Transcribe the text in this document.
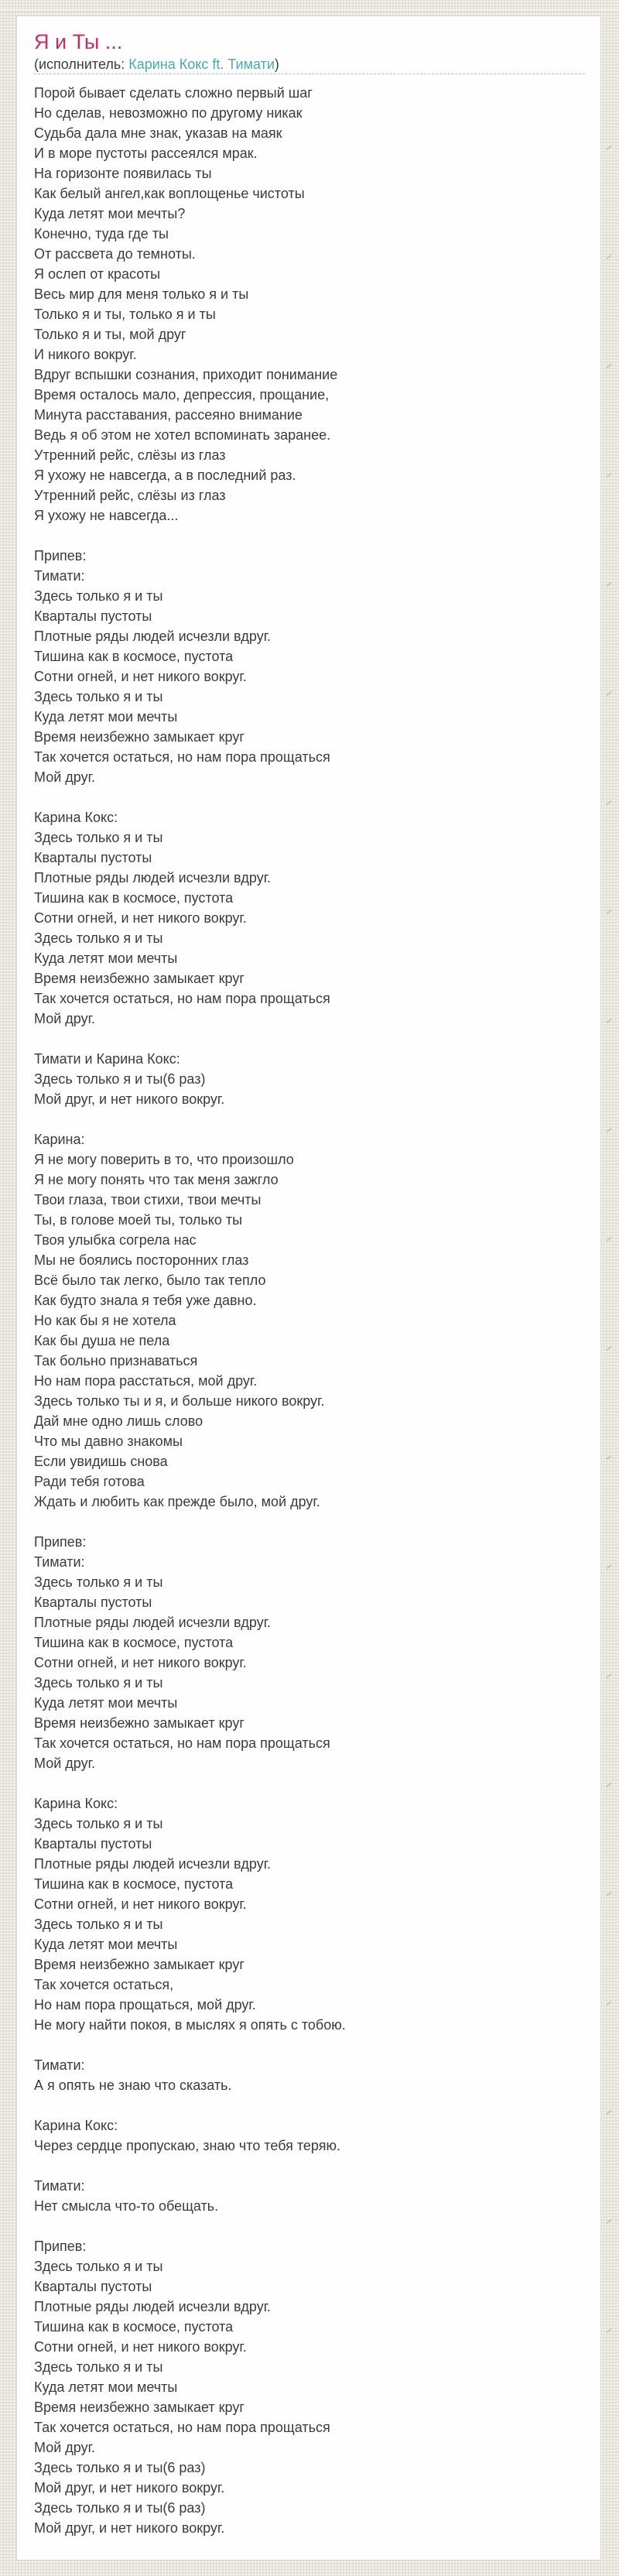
Я и Ты ...
(исполнитель: Карина Кокс ft. Тимати)
Порой бывает сделать сложно первый шаг
Но сделав, невозможно по другому никак
Судьба дала мне знак, указав на маяк
И в море пустоты рассеялся мрак.
На горизонте появилась ты
Как белый ангел,как воплощенье чистоты
Куда летят мои мечты?
Конечно, туда где ты
От рассвета до темноты.
Я ослеп от красоты
Весь мир для меня только я и ты
Только я и ты, только я и ты
Только я и ты, мой друг
И никого вокруг.
Вдруг вспышки сознания, приходит понимание
Время осталось мало, депрессия, прощание,
Минута расставания, рассеяно внимание
Ведь я об этом не хотел вспоминать заранее.
Утренний рейс, слёзы из глаз
Я ухожу не навсегда, а в последний раз.
Утренний рейс, слёзы из глаз
Я ухожу не навсегда...

Припев:
Тимати:
Здесь только я и ты
Кварталы пустоты
Плотные ряды людей исчезли вдруг.
Тишина как в космосе, пустота
Сотни огней, и нет никого вокруг.
Здесь только я и ты
Куда летят мои мечты
Время неизбежно замыкает круг
Так хочется остаться, но нам пора прощаться
Мой друг.

Карина Кокс:
Здесь только я и ты
Кварталы пустоты
Плотные ряды людей исчезли вдруг.
Тишина как в космосе, пустота
Сотни огней, и нет никого вокруг.
Здесь только я и ты
Куда летят мои мечты
Время неизбежно замыкает круг
Так хочется остаться, но нам пора прощаться
Мой друг.

Тимати и Карина Кокс:
Здесь только я и ты(6 раз)
Мой друг, и нет никого вокруг.

Карина:
Я не могу поверить в то, что произошло
Я не могу понять что так меня зажгло
Твои глаза, твои стихи, твои мечты
Ты, в голове моей ты, только ты
Твоя улыбка согрела нас
Мы не боялись посторонних глаз
Всё было так легко, было так тепло
Как будто знала я тебя уже давно.
Но как бы я не хотела
Как бы душа не пела
Так больно признаваться
Но нам пора расстаться, мой друг.
Здесь только ты и я, и больше никого вокруг.
Дай мне одно лишь слово
Что мы давно знакомы
Если увидишь снова
Ради тебя готова
Ждать и любить как прежде было, мой друг.

Припев:
Тимати:
Здесь только я и ты
Кварталы пустоты
Плотные ряды людей исчезли вдруг.
Тишина как в космосе, пустота
Сотни огней, и нет никого вокруг.
Здесь только я и ты
Куда летят мои мечты
Время неизбежно замыкает круг
Так хочется остаться, но нам пора прощаться
Мой друг.

Карина Кокс:
Здесь только я и ты
Кварталы пустоты
Плотные ряды людей исчезли вдруг.
Тишина как в космосе, пустота
Сотни огней, и нет никого вокруг.
Здесь только я и ты
Куда летят мои мечты
Время неизбежно замыкает круг
Так хочется остаться,
Но нам пора прощаться, мой друг.
Не могу найти покоя, в мыслях я опять с тобою.

Тимати:
А я опять не знаю что сказать.

Карина Кокс:
Через сердце пропускаю, знаю что тебя теряю.

Тимати:
Нет смысла что-то обещать.

Припев:
Здесь только я и ты
Кварталы пустоты
Плотные ряды людей исчезли вдруг.
Тишина как в космосе, пустота
Сотни огней, и нет никого вокруг.
Здесь только я и ты
Куда летят мои мечты
Время неизбежно замыкает круг
Так хочется остаться, но нам пора прощаться
Мой друг.
Здесь только я и ты(6 раз)
Мой друг, и нет никого вокруг.
Здесь только я и ты(6 раз)
Мой друг, и нет никого вокруг.
